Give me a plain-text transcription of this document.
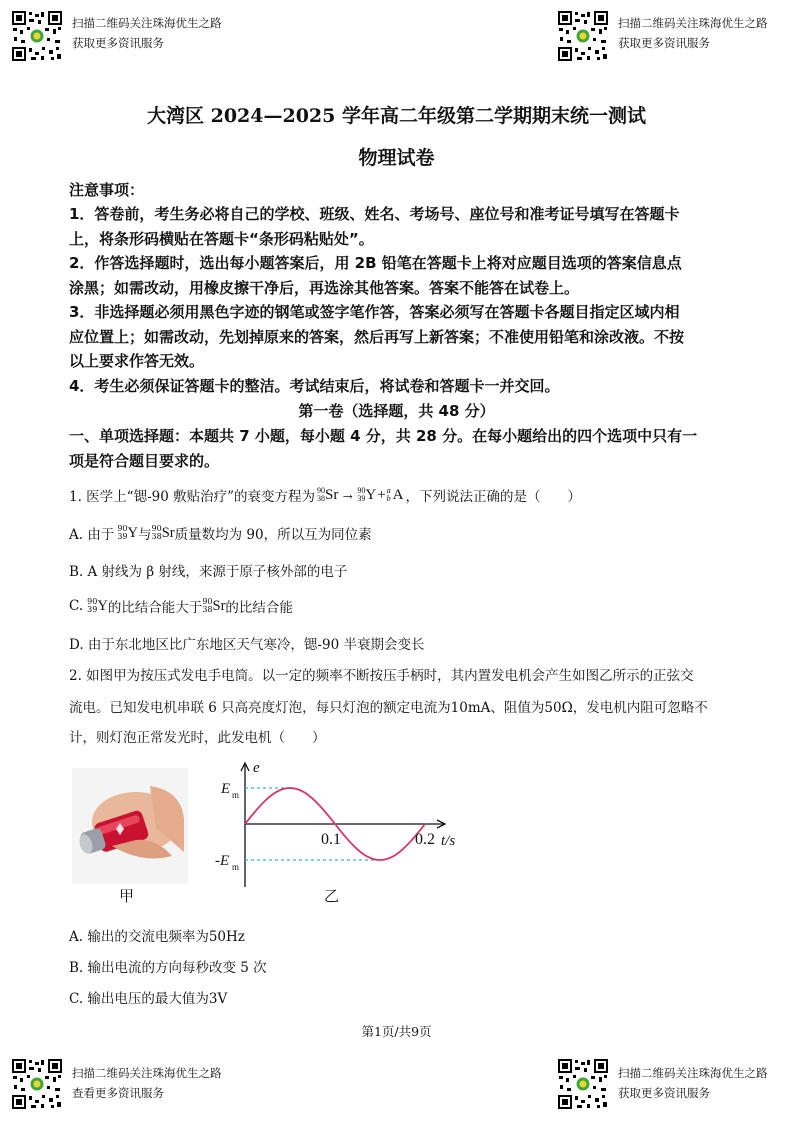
扫描二维码关注珠海优生之路
获取更多资讯服务
扫描二维码关注珠海优生之路
获取更多资讯服务
大湾区 2024—2025 学年高二年级第二学期期末统一测试
物理试卷
注意事项：
1．答卷前，考生务必将自己的学校、班级、姓名、考场号、座位号和准考证号填写在答题卡
上，将条形码横贴在答题卡“条形码粘贴处”。
2．作答选择题时，选出每小题答案后，用 2B 铅笔在答题卡上将对应题目选项的答案信息点
涂黑；如需改动，用橡皮擦干净后，再选涂其他答案。答案不能答在试卷上。
3．非选择题必须用黑色字迹的钢笔或签字笔作答，答案必须写在答题卡各题目指定区域内相
应位置上；如需改动，先划掉原来的答案，然后再写上新答案；不准使用铅笔和涂改液。不按
以上要求作答无效。
4．考生必须保证答题卡的整洁。考试结束后，将试卷和答题卡一并交回。
第一卷（选择题，共 48 分）
一、单项选择题：本题共 7 小题，每小题 4 分，共 28 分。在每小题给出的四个选项中只有一
项是符合题目要求的。
1. 医学上“锶-90 敷贴治疗”的衰变方程为 90
38 Sr → 90
39 Y + a
b A ，下列说法正确的是（　　）
A. 由于 90
39 Y 与 90
38 Sr 质量数均为 90，所以互为同位素
B. A 射线为 β 射线，来源于原子核外部的电子
C. 90
39 Y 的比结合能大于 90
38 Sr 的比结合能
D. 由于东北地区比广东地区天气寒冷，锶-90 半衰期会变长
2. 如图甲为按压式发电手电筒。以一定的频率不断按压手柄时，其内置发电机会产生如图乙所示的正弦交
流电。已知发电机串联 6 只高亮度灯泡，每只灯泡的额定电流为10mA、阻值为50Ω，发电机内阻可忽略不
计，则灯泡正常发光时，此发电机（　　）
甲
e
E m
-E m
0.1	0.2 t/s
乙
A. 输出的交流电频率为50Hz
B. 输出电流的方向每秒改变 5 次
C. 输出电压的最大值为3V
第1页/共9页
扫描二维码关注珠海优生之路
查看更多资讯服务
扫描二维码关注珠海优生之路
获取更多资讯服务
